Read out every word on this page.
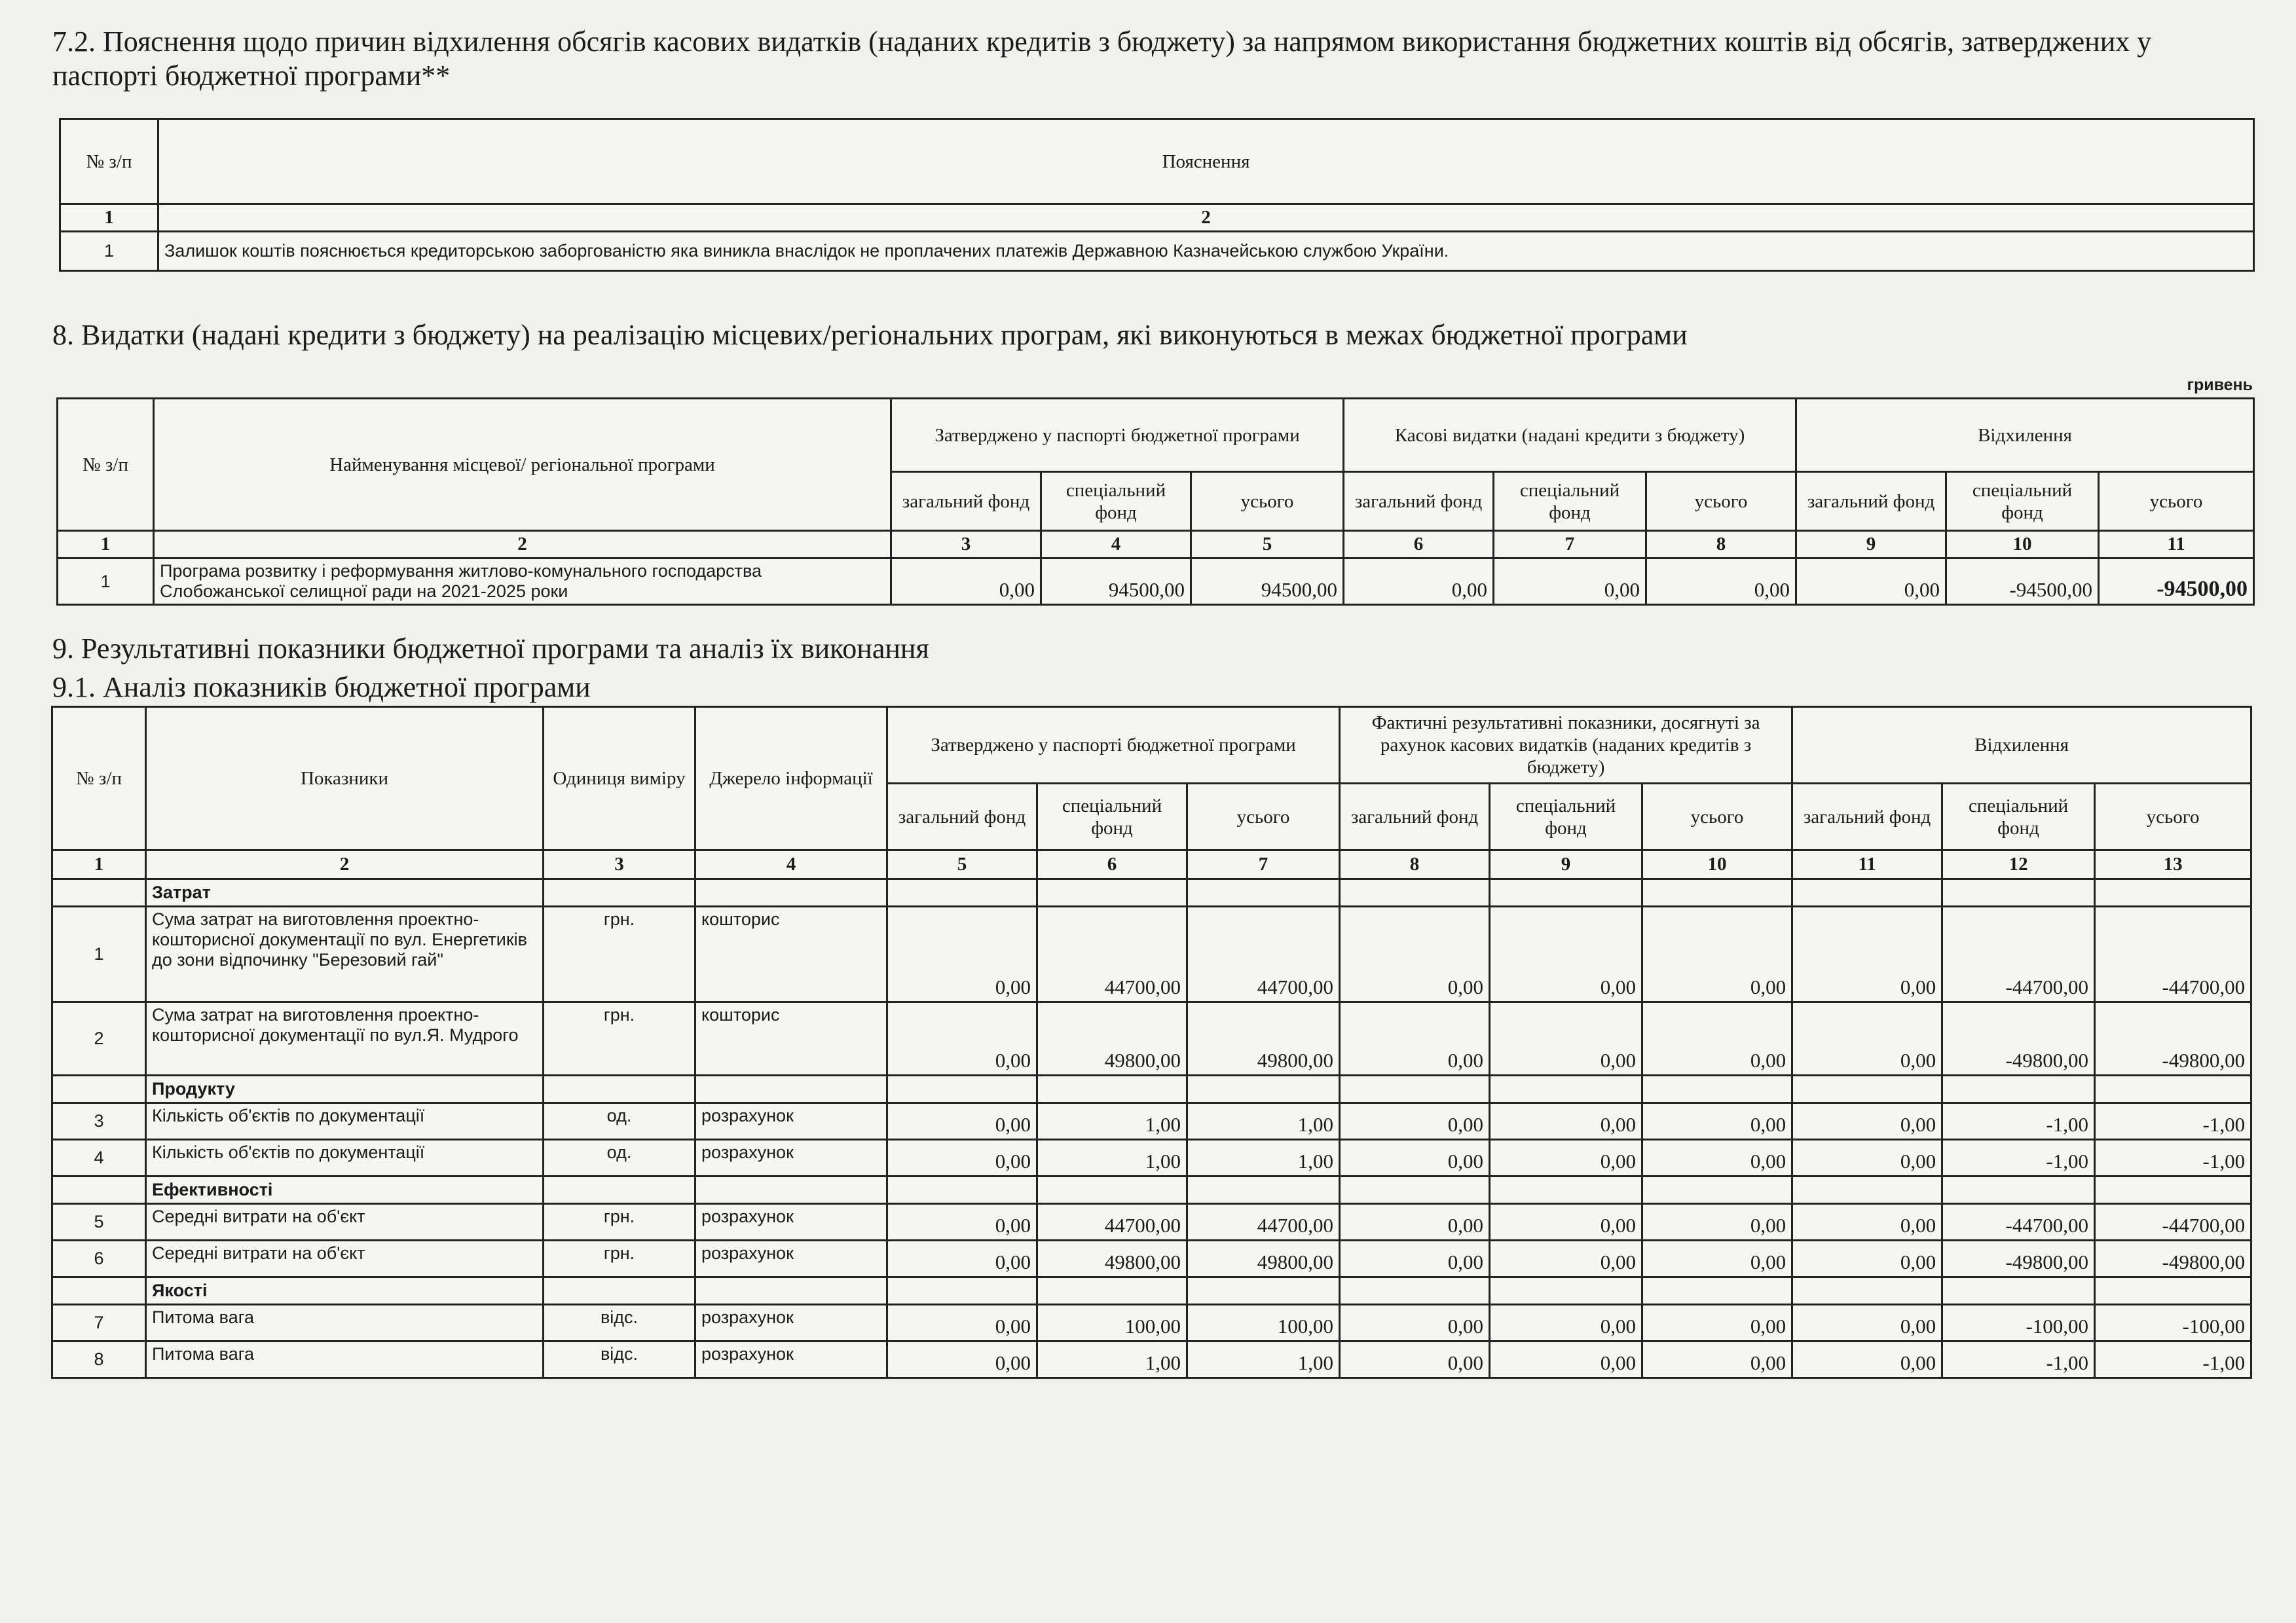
7.2. Пояснення щодо причин відхилення обсягів касових видатків (наданих кредитів з бюджету) за напрямом використання бюджетних коштів від обсягів, затверджених у паспорті бюджетної програми**
№ з/п	Пояснення
1	2
1	Залишок коштів пояснюється кредиторською заборгованістю яка виникла внаслідок не проплачених платежів Державною Казначейською службою України.
8. Видатки (надані кредити з бюджету) на реалізацію місцевих/регіональних програм, які виконуються в межах бюджетної програми
гривень
№ з/п	Найменування місцевої/ регіональної програми	Затверджено у паспорті бюджетної програми			Касові видатки (надані кредити з бюджету)			Відхилення		
		загальний фонд	спеціальний фонд	усього	загальний фонд	спеціальний фонд	усього	загальний фонд	спеціальний фонд	усього
1	2	3	4	5	6	7	8	9	10	11
1	Програма розвитку і реформування житлово-комунального господарства Слобожанської селищної ради на 2021-2025 роки	0,00	94500,00	94500,00	0,00	0,00	0,00	0,00	-94500,00	-94500,00
9. Результативні показники бюджетної програми та аналіз їх виконання
9.1. Аналіз показників бюджетної програми
№ з/п	Показники	Одиниця виміру	Джерело інформації	Затверджено у паспорті бюджетної програми			Фактичні результативні показники, досягнуті за рахунок касових видатків (наданих кредитів з бюджету)			Відхилення		
				загальний фонд	спеціальний фонд	усього	загальний фонд	спеціальний фонд	усього	загальний фонд	спеціальний фонд	усього
1	2	3	4	5	6	7	8	9	10	11	12	13
	Затрат											
1	Сума затрат на виготовлення проектно-кошторисної документації по вул. Енергетиків до зони відпочинку "Березовий гай"	грн.	кошторис	0,00	44700,00	44700,00	0,00	0,00	0,00	0,00	-44700,00	-44700,00
2	Сума затрат на виготовлення проектно-кошторисної документації по вул.Я. Мудрого	грн.	кошторис	0,00	49800,00	49800,00	0,00	0,00	0,00	0,00	-49800,00	-49800,00
	Продукту											
3	Кількість об'єктів по документації	од.	розрахунок	0,00	1,00	1,00	0,00	0,00	0,00	0,00	-1,00	-1,00
4	Кількість об'єктів по документації	од.	розрахунок	0,00	1,00	1,00	0,00	0,00	0,00	0,00	-1,00	-1,00
	Ефективності											
5	Середні витрати на об'єкт	грн.	розрахунок	0,00	44700,00	44700,00	0,00	0,00	0,00	0,00	-44700,00	-44700,00
6	Середні витрати на об'єкт	грн.	розрахунок	0,00	49800,00	49800,00	0,00	0,00	0,00	0,00	-49800,00	-49800,00
	Якості											
7	Питома вага	відс.	розрахунок	0,00	100,00	100,00	0,00	0,00	0,00	0,00	-100,00	-100,00
8	Питома вага	відс.	розрахунок	0,00	1,00	1,00	0,00	0,00	0,00	0,00	-1,00	-1,00
